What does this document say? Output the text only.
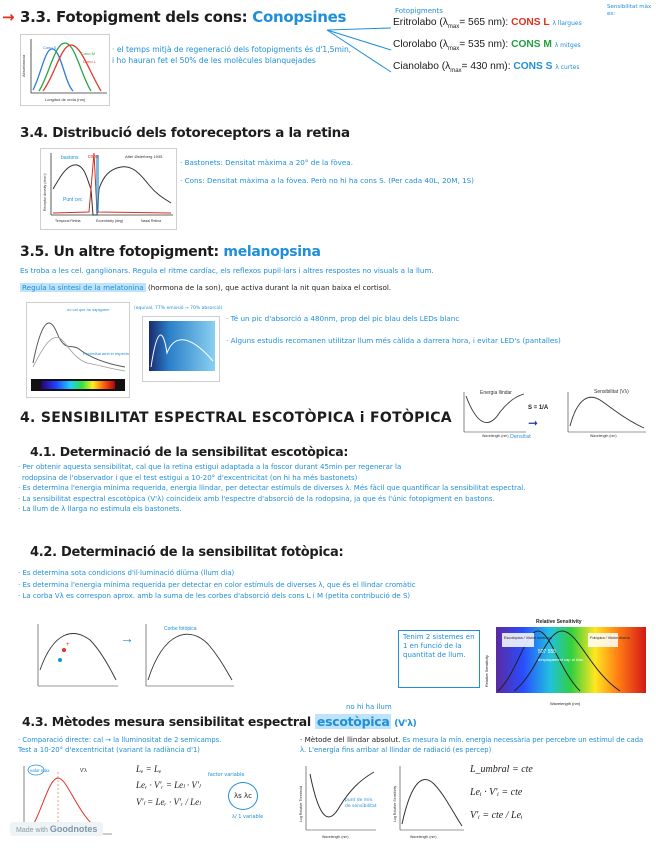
→ 3.3. Fotopigment dels cons: Conopsines
Absorbancia
Longitud de onda (nm)
Cono M
Cono L
Cono S	· el temps mitjà de regeneració dels fotopigments és d'1,5min, i ho hauran fet el 50% de les molècules blanquejades
Fotopigments	Sensibilitat màx es:
Eritrolabo ($\lambda_{max}= 565$ nm): CONS L λ llargues
Clorolabo ($\lambda_{max}= 535$ nm): CONS M λ mitges
Cianolabo ($\lambda_{max}= 430$ nm): CONS S λ curtes
3.4. Distribució dels fotoreceptors a la retina
After Østerberg 1935
bastons cons
Punt cec
Receptor density (/mm²)
Temporal Retina	Eccentricity (deg)	Nasal Retina
· Bastonets: Densitat màxima a 20° de la fòvea.
· Cons: Densitat màxima a la fòvea. Però no hi ha cons S. (Per cada 40L, 20M, 1S)
3.5. Un altre fotopigment: melanopsina
Es troba a les cel. ganglionars. Regula el ritme cardíac, els reflexos pupil·lars i altres respostes no visuals a la llum.
Regula la síntesi de la melatonina (hormona de la son), que activa durant la nit quan baixa el cortisol.
no cal que ho sapiguem
Proximitat amb el espectre
(equival, 77% emissió → 70% absorció)
· Té un pic d'absorció a 480nm, prop del pic blau dels LEDs blanc
· Alguns estudis recomanen utilitzar llum més càlida a darrera hora, i evitar LED's (pantalles)
4. SENSIBILITAT ESPECTRAL ESCOTÒPICA i FOTÒPICA
Energia llindar
Wavelength (nm)
S = 1/A
➞
Densitat
Sensibilitat (Vλ)
Wavelength (nm)
4.1. Determinació de la sensibilitat escotòpica:
· Per obtenir aquesta sensibilitat, cal que la retina estigui adaptada a la foscor durant 45min per regenerar la
rodopsina de l'observador i que el test estigui a 10-20° d'excentricitat (on hi ha més bastonets)
· Es determina l'energia mínima requerida, energia llindar, per detectar estímuls de diverses λ. Més fàcil que quantificar la sensibilitat espectral.
· La sensibilitat espectral escotòpica (V'λ) coincideix amb l'espectre d'absorció de la rodopsina, ja que és l'únic fotopigment en bastons.
· La llum de λ llarga no estimula els bastonets.
4.2. Determinació de la sensibilitat fotòpica:
· Es determina sota condicions d'il·luminació diürna (llum dia)
· Es determina l'energia mínima requerida per detectar en color estímuls de diverses λ, que és el llindar cromàtic
· La corba Vλ es correspon aprox. amb la suma de les corbes d'absorció dels cons L i M (petita contribució de S)
+	→
Corbe fotòpica
Tenim 2 sistemes en 1 en funció de la quantitat de llum.
Relative Sensitivity
Escotòpica / Visión nocturna	Fotòpica / Visión diurna
507 555
desplaçament cap al blau
Wavelength (nm)
Relative Sensitivity
no hi ha llum
4.3. Mètodes mesura sensibilitat espectral escotòpica (V'λ)
· Comparació directe: cal → la lluminositat de 2 semicamps.
Test a 10-20° d'excentricitat (variant la radiància d'1)
· Mètode del llindar absolut. Es mesura la mín. energia necessària per percebre un estímul de cada λ. L'energia fins arribar al llindar de radiació (es percep)
valor màx	V'λ	Lₑ = Lₑ
Leᵣ · V'ᵣ = Leₗ · V'ₗ
V'ₗ = Leᵣ · V'ᵣ / Leₗ
factor variable
λs λc
λ/ 1 variable	Log Relative Threshold
Wavelength (nm)
punt de mín. de sensibilitat	Log Relative Sensitivity
Wavelength (nm)
L_umbral = cte
Leᵢ · V'ᵢ = cte
V'ᵢ = cte / Leᵢ
Made with Goodnotes
